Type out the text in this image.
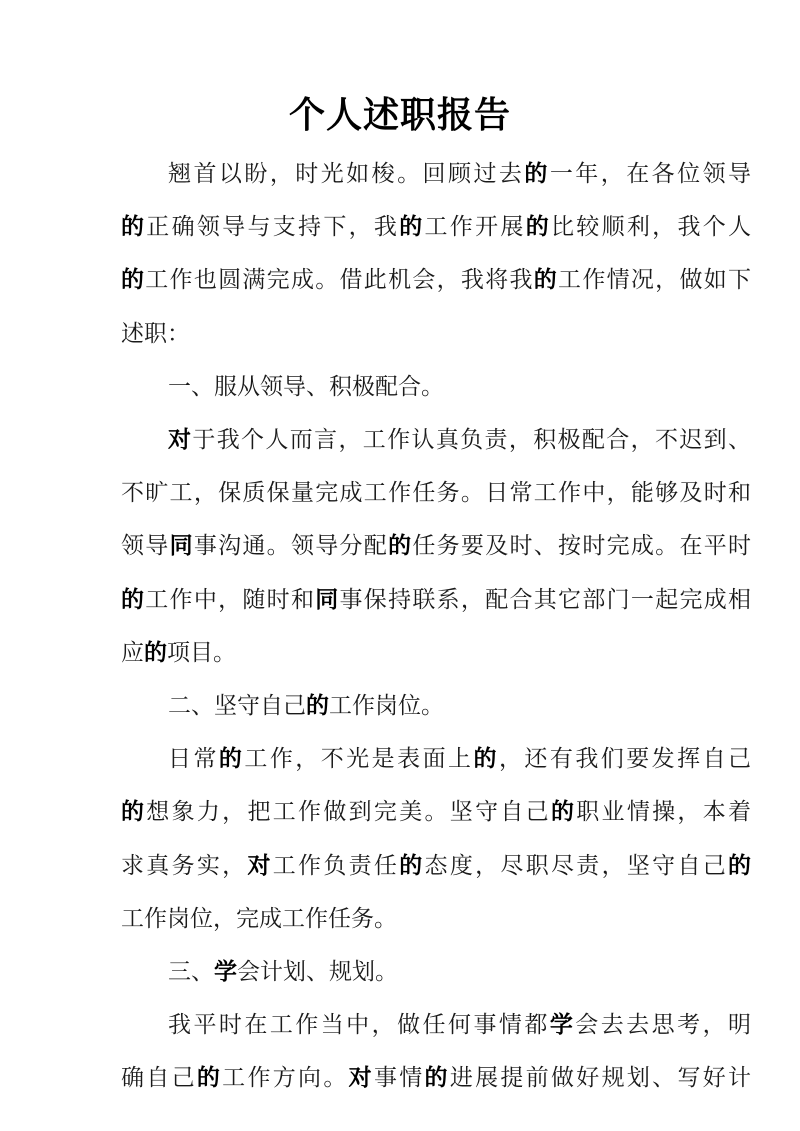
个人述职报告
翘首以盼，时光如梭。回顾过去的一年，在各位领导
的正确领导与支持下，我的工作开展的比较顺利，我个人
的工作也圆满完成。借此机会，我将我的工作情况，做如下
述职：
一、服从领导、积极配合。
对于我个人而言，工作认真负责，积极配合，不迟到、
不旷工，保质保量完成工作任务。日常工作中，能够及时和
领导同事沟通。领导分配的任务要及时、按时完成。在平时
的工作中，随时和同事保持联系，配合其它部门一起完成相
应的项目。
二、坚守自己的工作岗位。
日常的工作，不光是表面上的，还有我们要发挥自己
的想象力，把工作做到完美。坚守自己的职业情操，本着
求真务实，对工作负责任的态度，尽职尽责，坚守自己的
工作岗位，完成工作任务。
三、学会计划、规划。
我平时在工作当中，做任何事情都学会去去思考，明
确自己的工作方向。对事情的进展提前做好规划、写好计
